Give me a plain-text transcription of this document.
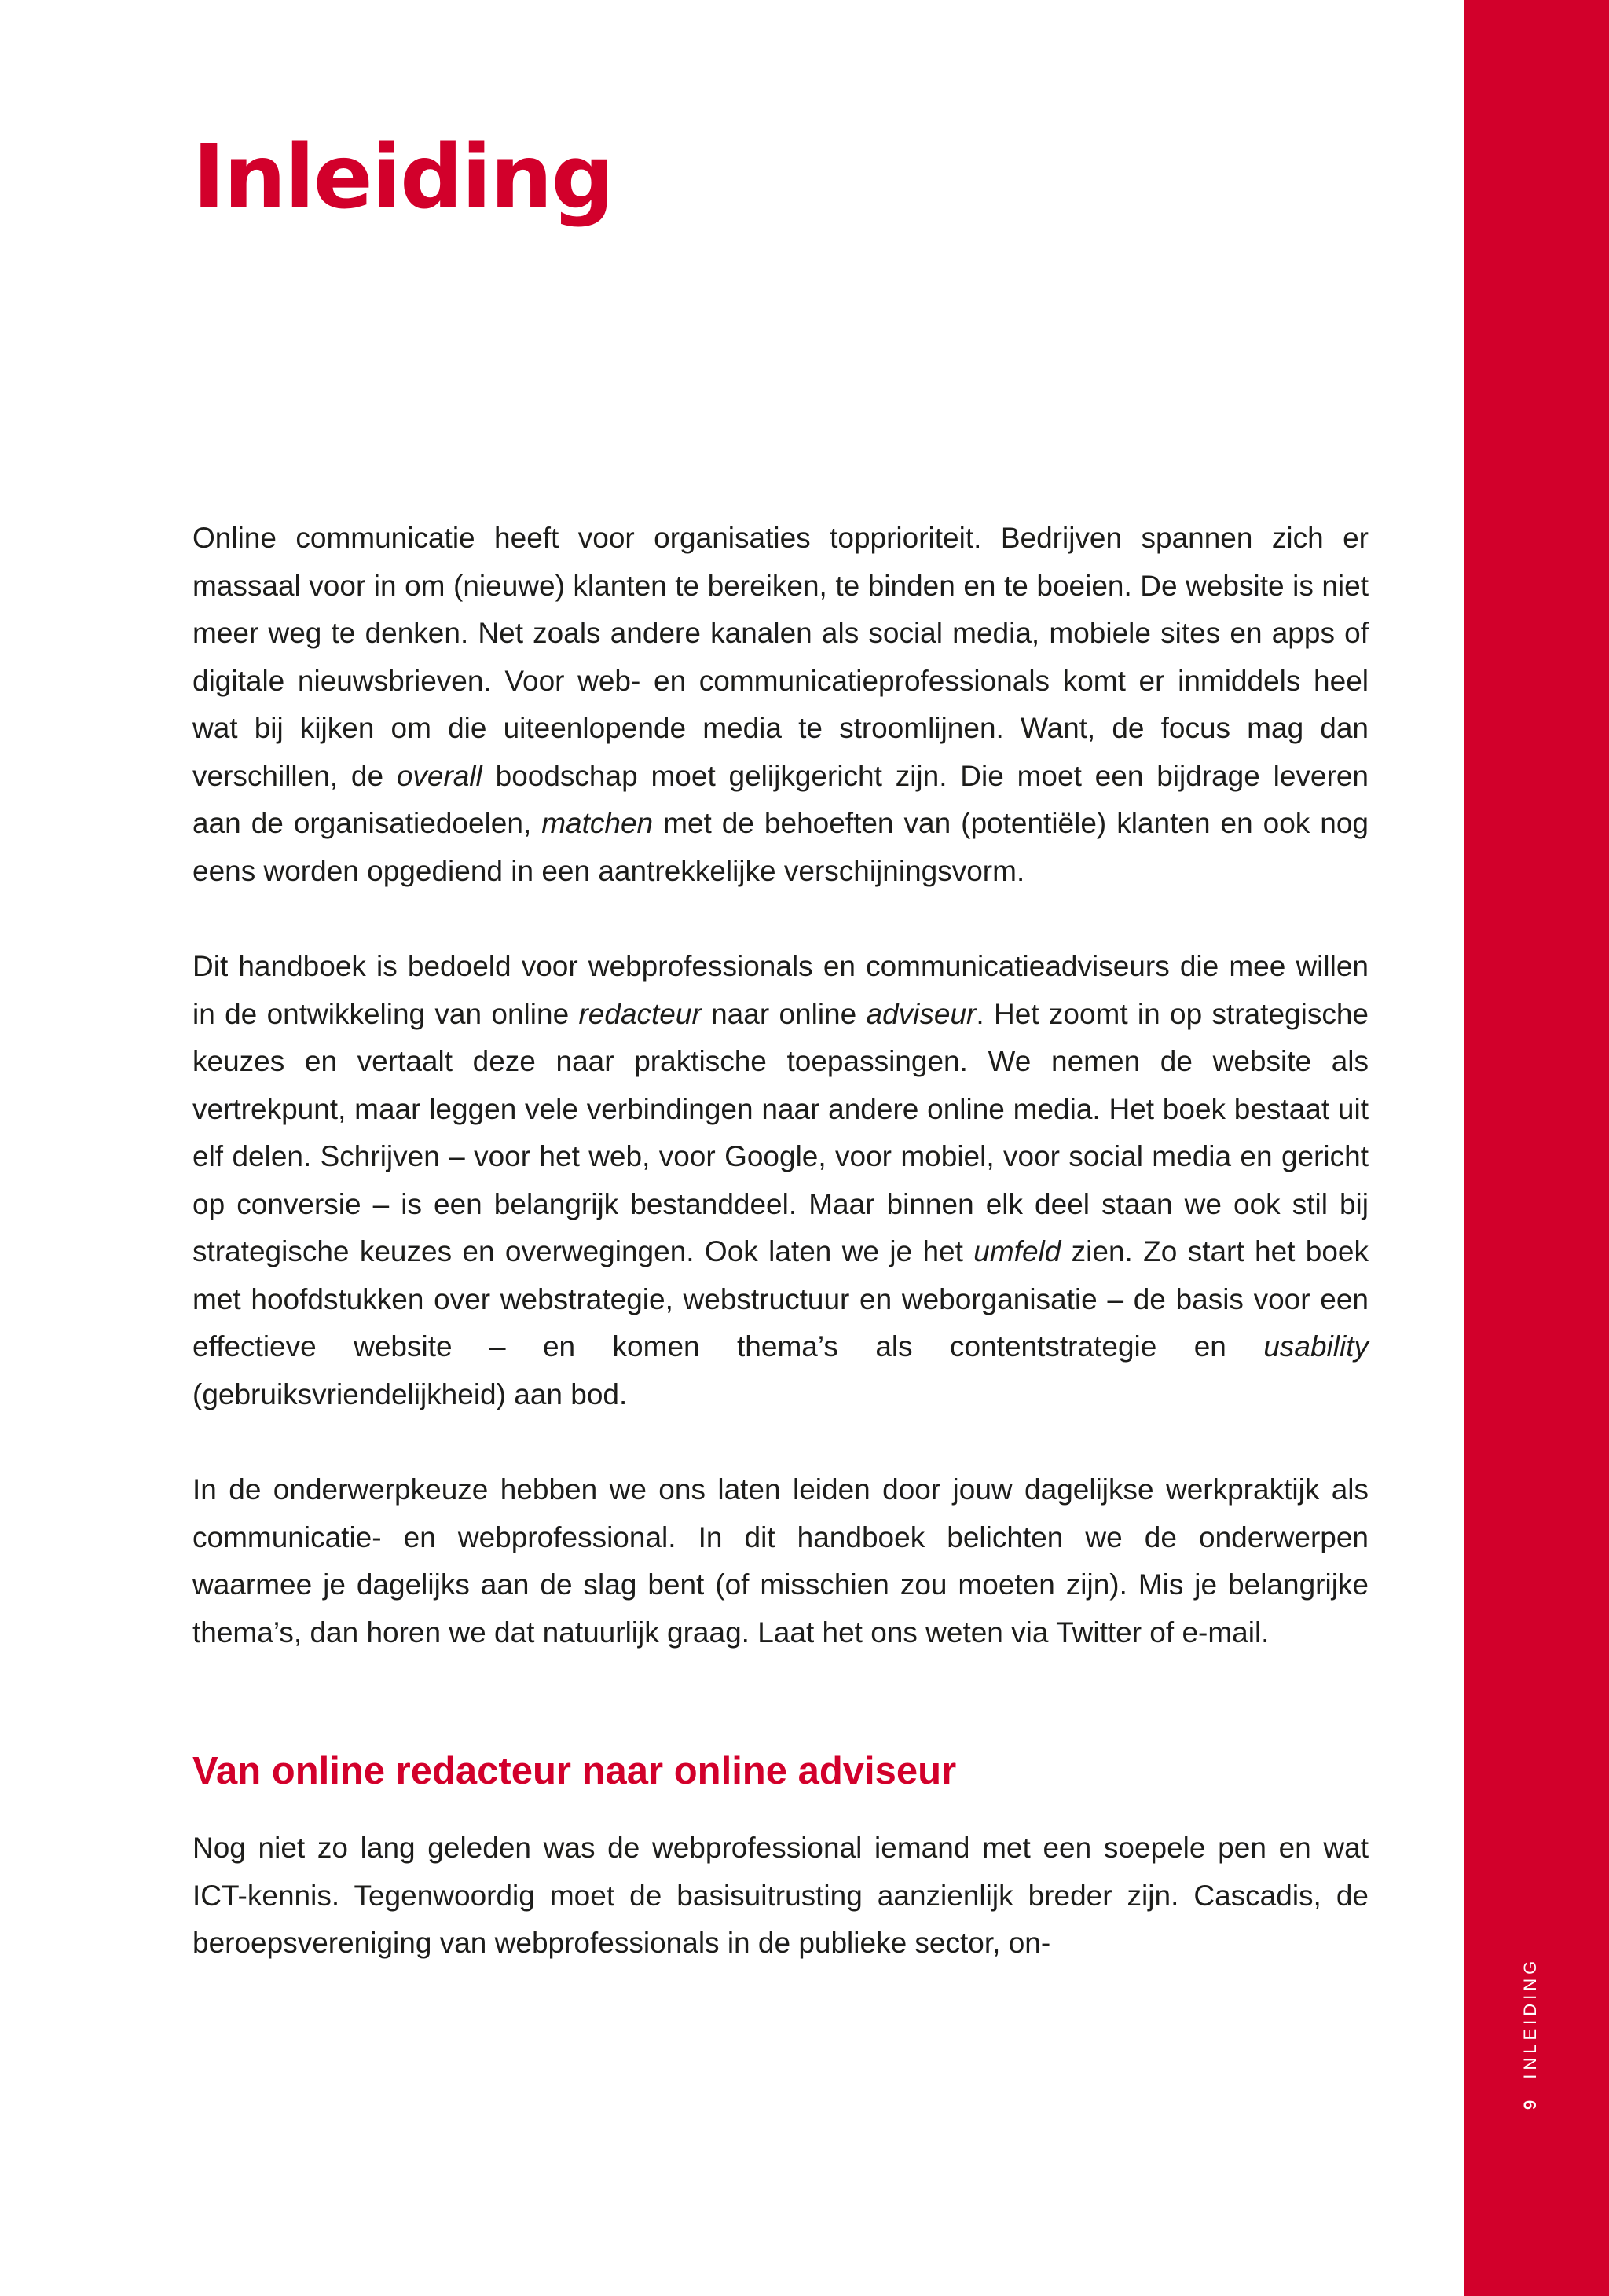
Inleiding

Online communicatie heeft voor organisaties topprioriteit. Bedrijven spannen zich er massaal voor in om (nieuwe) klanten te bereiken, te binden en te boeien. De website is niet meer weg te denken. Net zoals andere kanalen als social media, mobiele sites en apps of digitale nieuwsbrieven. Voor web- en communicatieprofessionals komt er inmiddels heel wat bij kijken om die uiteenlopende media te stroomlijnen. Want, de focus mag dan verschillen, de overall boodschap moet gelijkgericht zijn. Die moet een bijdrage leveren aan de organisatiedoelen, matchen met de behoeften van (potentiële) klanten en ook nog eens worden opgediend in een aantrekkelijke verschijningsvorm.

Dit handboek is bedoeld voor webprofessionals en communicatieadviseurs die mee willen in de ontwikkeling van online redacteur naar online adviseur. Het zoomt in op strategische keuzes en vertaalt deze naar praktische toepassingen. We nemen de website als vertrekpunt, maar leggen vele verbindingen naar andere online media. Het boek bestaat uit elf delen. Schrijven – voor het web, voor Google, voor mobiel, voor social media en gericht op conversie – is een belangrijk bestanddeel. Maar binnen elk deel staan we ook stil bij strategische keuzes en overwegingen. Ook laten we je het umfeld zien. Zo start het boek met hoofdstukken over webstrategie, webstructuur en weborganisatie – de basis voor een effectieve website – en komen thema’s als contentstrategie en usability (gebruiksvriendelijkheid) aan bod.

In de onderwerpkeuze hebben we ons laten leiden door jouw dagelijkse werkpraktijk als communicatie- en webprofessional. In dit handboek belichten we de onderwerpen waarmee je dagelijks aan de slag bent (of misschien zou moeten zijn). Mis je belangrijke thema’s, dan horen we dat natuurlijk graag. Laat het ons weten via Twitter of e-mail.

Van online redacteur naar online adviseur

Nog niet zo lang geleden was de webprofessional iemand met een soepele pen en wat ICT-kennis. Tegenwoordig moet de basisuitrusting aanzienlijk breder zijn. Cascadis, de beroepsvereniging van webprofessionals in de publieke sector, on-

9INLEIDING
